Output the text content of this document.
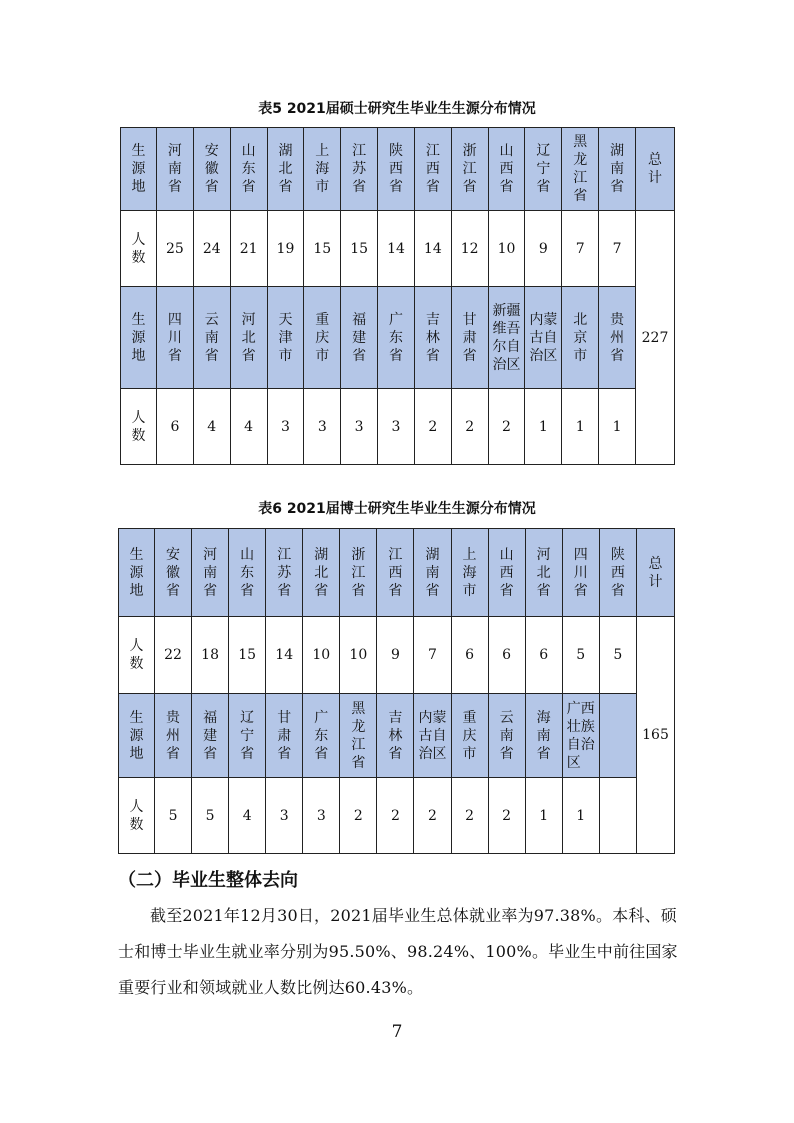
表5 2021届硕士研究生毕业生生源分布情况
生源地	河南省	安徽省	山东省	湖北省	上海市	江苏省	陕西省	江西省	浙江省	山西省	辽宁省	黑龙江省	湖南省	总计
人数	25	24	21	19	15	15	14	14	12	10	9	7	7	227
生源地	四川省	云南省	河北省	天津市	重庆市	福建省	广东省	吉林省	甘肃省	新疆维吾尔自治区	内蒙古自治区	北京市	贵州省	
人数	6	4	4	3	3	3	3	2	2	2	1	1	1	
表6 2021届博士研究生毕业生生源分布情况
生源地	安徽省	河南省	山东省	江苏省	湖北省	浙江省	江西省	湖南省	上海市	山西省	河北省	四川省	陕西省	总计
人数	22	18	15	14	10	10	9	7	6	6	6	5	5	165
生源地	贵州省	福建省	辽宁省	甘肃省	广东省	黑龙江省	吉林省	内蒙古自治区	重庆市	云南省	海南省	广西壮族自治区		
人数	5	5	4	3	3	2	2	2	2	2	1	1		
（二）毕业生整体去向
截至2021年12月30日，2021届毕业生总体就业率为97.38%。本科、硕士和博士毕业生就业率分别为95.50%、98.24%、100%。毕业生中前往国家重要行业和领域就业人数比例达60.43%。
7
